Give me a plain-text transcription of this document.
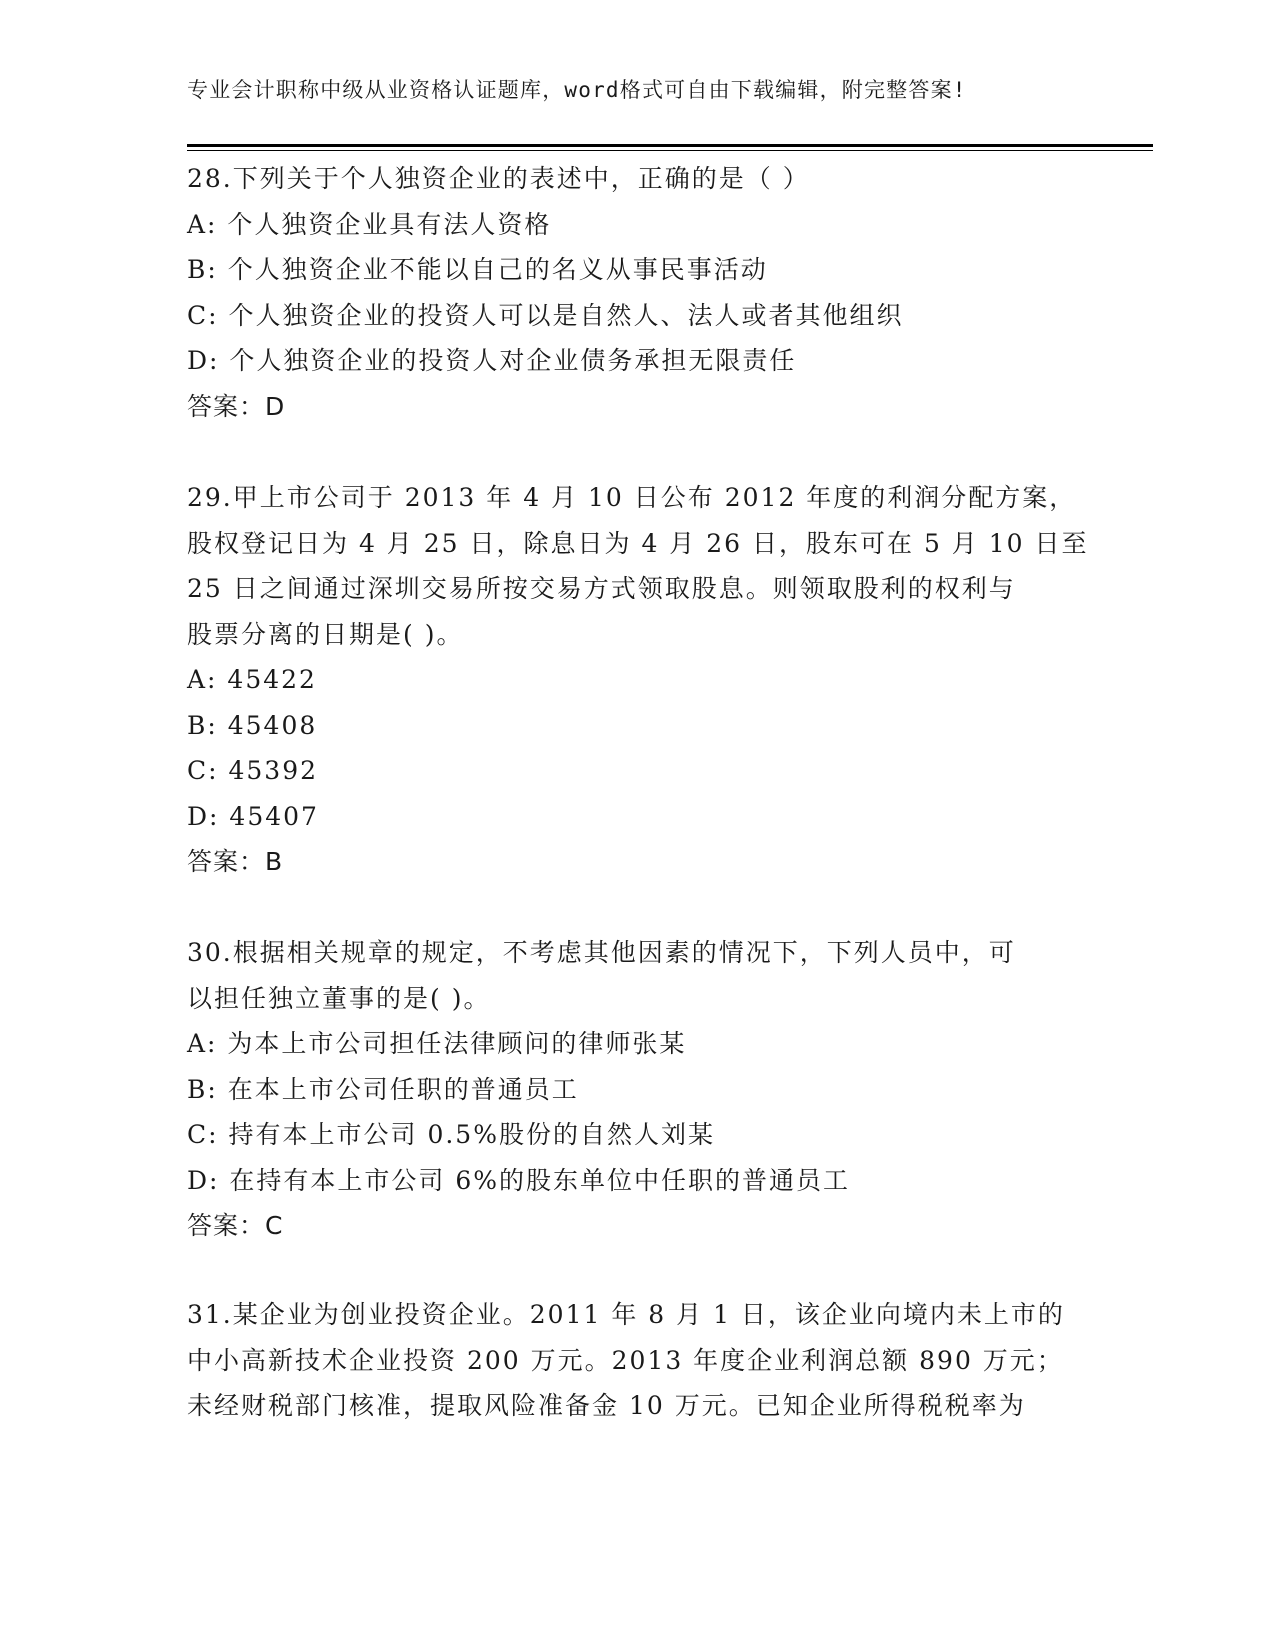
专业会计职称中级从业资格认证题库，word格式可自由下载编辑，附完整答案!
28.下列关于个人独资企业的表述中，正确的是（ ）
A: 个人独资企业具有法人资格
B: 个人独资企业不能以自己的名义从事民事活动
C: 个人独资企业的投资人可以是自然人、法人或者其他组织
D: 个人独资企业的投资人对企业债务承担无限责任
答案：D
29.甲上市公司于 2013 年 4 月 10 日公布 2012 年度的利润分配方案，
股权登记日为 4 月 25 日，除息日为 4 月 26 日，股东可在 5 月 10 日至
25 日之间通过深圳交易所按交易方式领取股息。则领取股利的权利与
股票分离的日期是( )。
A: 45422
B: 45408
C: 45392
D: 45407
答案：B
30.根据相关规章的规定，不考虑其他因素的情况下，下列人员中，可
以担任独立董事的是( )。
A: 为本上市公司担任法律顾问的律师张某
B: 在本上市公司任职的普通员工
C: 持有本上市公司 0.5%股份的自然人刘某
D: 在持有本上市公司 6%的股东单位中任职的普通员工
答案：C
31.某企业为创业投资企业。2011 年 8 月 1 日，该企业向境内未上市的
中小高新技术企业投资 200 万元。2013 年度企业利润总额 890 万元；
未经财税部门核准，提取风险准备金 10 万元。已知企业所得税税率为
